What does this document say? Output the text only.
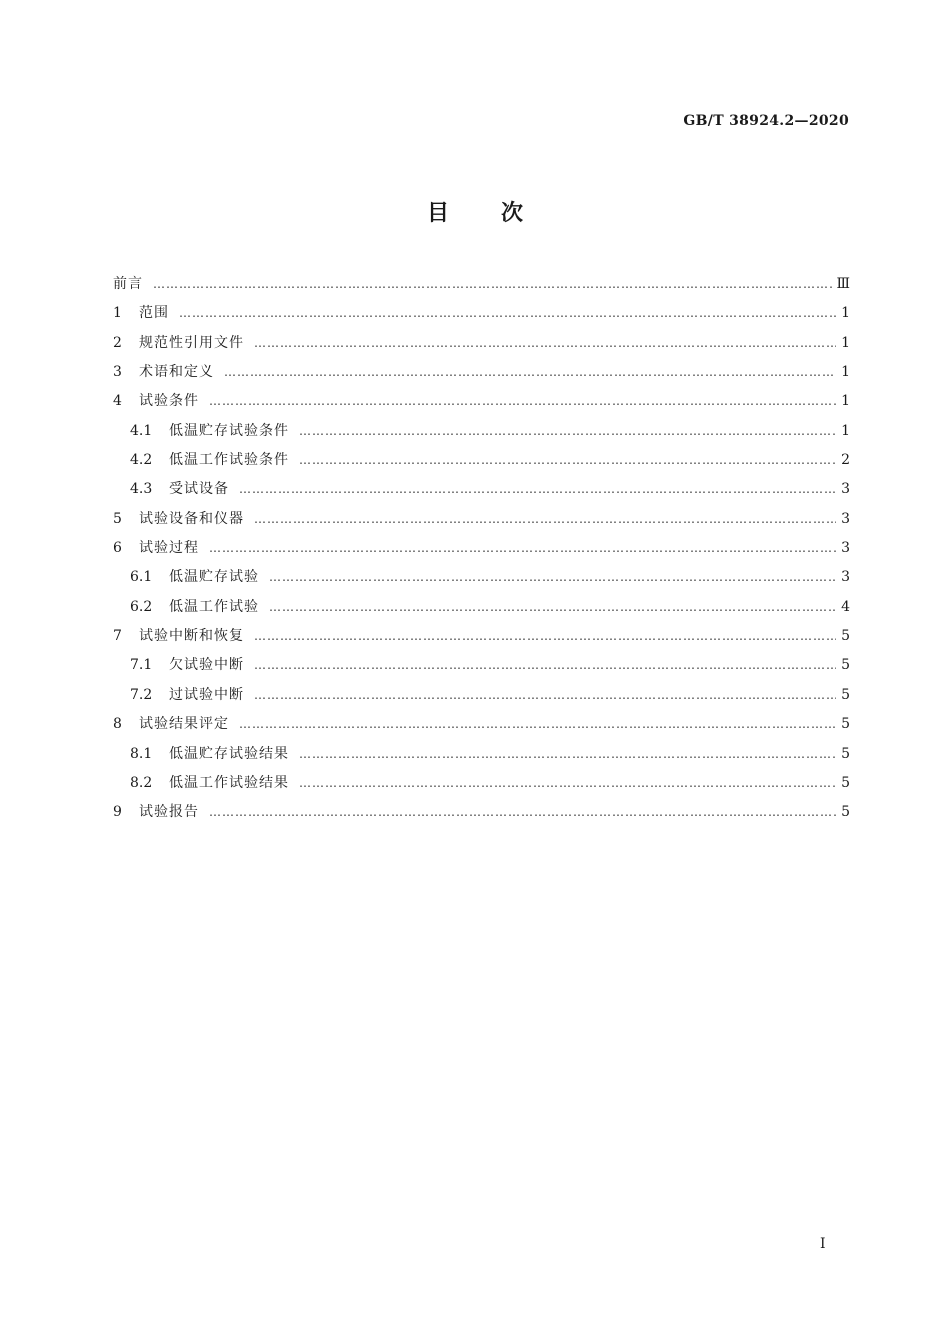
GB/T 38924.2—2020
目次
前言 ……………………………………………………………………………………………………………………………………………………………………………………	Ⅲ
1	范围 ……………………………………………………………………………………………………………………………………………………………………………………	1
2	规范性引用文件 ……………………………………………………………………………………………………………………………………………………………………………………	1
3	术语和定义 ……………………………………………………………………………………………………………………………………………………………………………………	1
4	试验条件 ……………………………………………………………………………………………………………………………………………………………………………………	1
4.1	低温贮存试验条件 ……………………………………………………………………………………………………………………………………………………………………………………	1
4.2	低温工作试验条件 ……………………………………………………………………………………………………………………………………………………………………………………	2
4.3	受试设备 ……………………………………………………………………………………………………………………………………………………………………………………	3
5	试验设备和仪器 ……………………………………………………………………………………………………………………………………………………………………………………	3
6	试验过程 ……………………………………………………………………………………………………………………………………………………………………………………	3
6.1	低温贮存试验 ……………………………………………………………………………………………………………………………………………………………………………………	3
6.2	低温工作试验 ……………………………………………………………………………………………………………………………………………………………………………………	4
7	试验中断和恢复 ……………………………………………………………………………………………………………………………………………………………………………………	5
7.1	欠试验中断 ……………………………………………………………………………………………………………………………………………………………………………………	5
7.2	过试验中断 ……………………………………………………………………………………………………………………………………………………………………………………	5
8	试验结果评定 ……………………………………………………………………………………………………………………………………………………………………………………	5
8.1	低温贮存试验结果 ……………………………………………………………………………………………………………………………………………………………………………………	5
8.2	低温工作试验结果 ……………………………………………………………………………………………………………………………………………………………………………………	5
9	试验报告 ……………………………………………………………………………………………………………………………………………………………………………………	5
I
